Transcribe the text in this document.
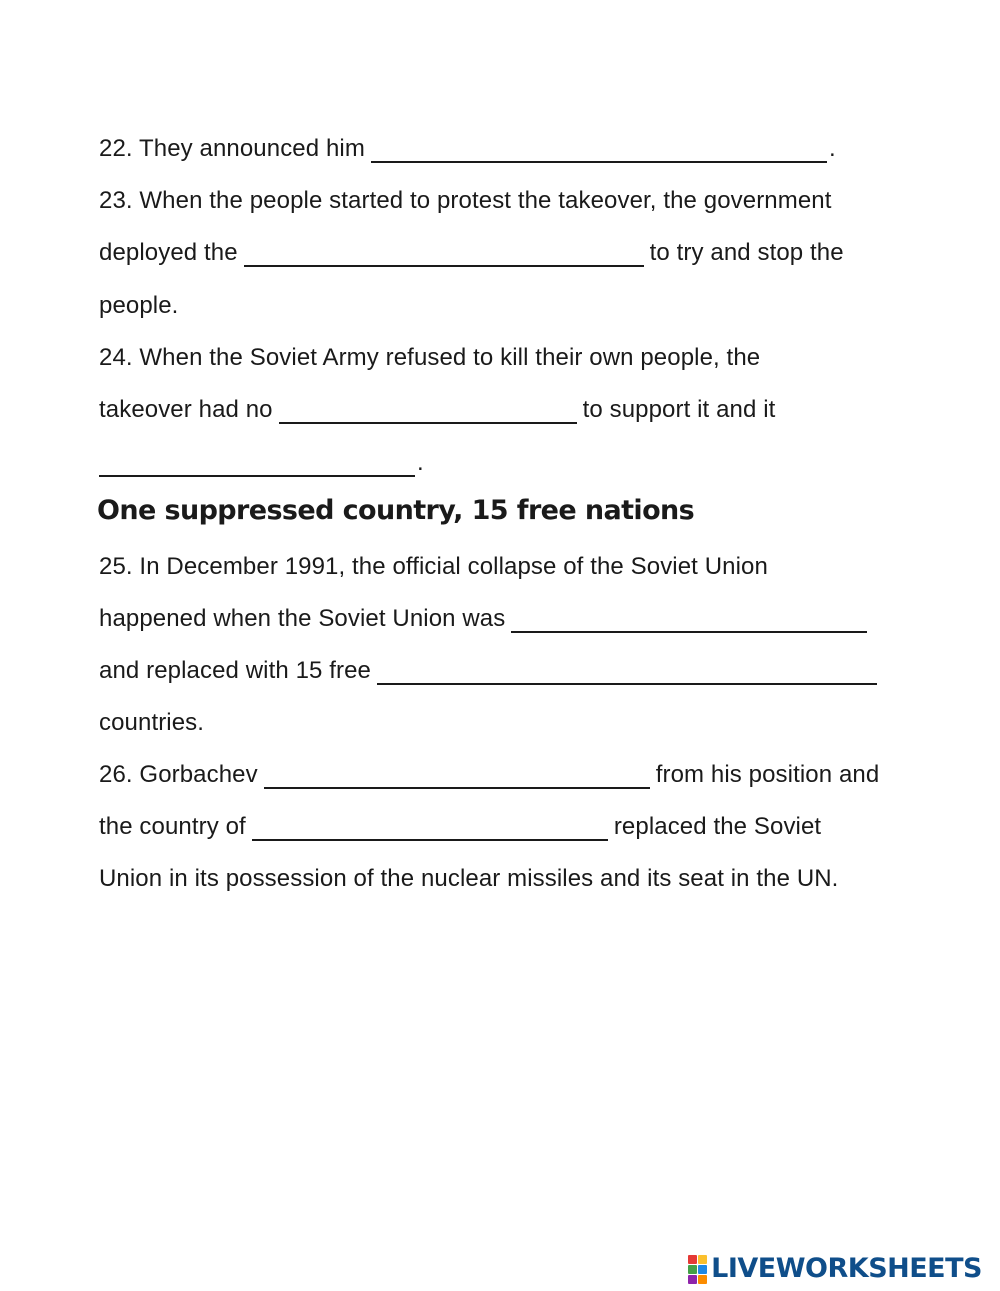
22. They announced him	.
23. When the people started to protest the takeover, the government
deployed the	to try and stop the
people.
24. When the Soviet Army refused to kill their own people, the
takeover had no	to support it and it
.
One suppressed country, 15 free nations
25. In December 1991, the official collapse of the Soviet Union
happened when the Soviet Union was
and replaced with 15 free
countries.
26. Gorbachev	from his position and
the country of	replaced the Soviet
Union in its possession of the nuclear missiles and its seat in the UN.
LIVEWORKSHEETS
